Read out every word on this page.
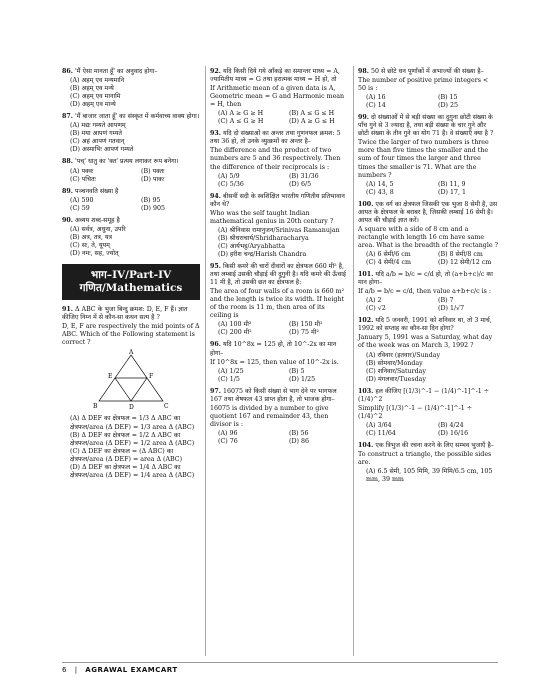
86. 'मैं ऐसा मानता हूँ' का अनुवाद होगा–

(A) अहम् एव मन्यमानि
(B) अहम् एव मन्ये
(C) अहम् एव मानामि
(D) अहम् एव मान्ये

87. 'मैं बाजार जाता हूँ' का संस्कृत में कर्मवाच्य वाक्य होगा।

(A) मद्यः गम्यते आपणम्
(B) मया आपणं गम्यते
(C) अहं आपणं गतवान्
(D) अस्माभिः आपणं गम्यते

88. 'पच्' धातु का 'क्त' प्रत्यय लगाकर रूप बनेगा।

(A) पक्वः	(B) पक्तः
(C) पचितः	(D) पाकः

89. पञ्चनवति संख्या है

(A) 590	(B) 95
(C) 59	(D) 905

90. अव्यय शब्द-समूह है

(A) सर्वत्र, अधुना, उपरि
(B) अत्र, तत्र, यत्र
(C) सः, ते, यूयम्
(D) नमः, सह, ज्योत्
भाग–IV/Part-IV
गणित/Mathematics

91. Δ ABC के भुजा बिन्दु क्रमश: D, E, F हैं। ज्ञात कीजिए निम्न में से कौन-सा कथन सत्य है ?

D, E, F are respectively the mid points of Δ ABC. Which of the Following statement is correct ?

A
B	C
D
E	F
(A) Δ DEF का क्षेत्रफल = 1/3 Δ ABC का क्षेत्रफल/area (Δ DEF) = 1/3 area Δ (ABC)
(B) Δ DEF का क्षेत्रफल = 1/2 Δ ABC का क्षेत्रफल/area (Δ DEF) = 1/2 area Δ (ABC)
(C) Δ DEF का क्षेत्रफल = (Δ ABC) का क्षेत्रफल/area (Δ DEF) = area Δ (ABC)
(D) Δ DEF का क्षेत्रफल = 1/4 Δ ABC का क्षेत्रफल/area (Δ DEF) = 1/4 area Δ (ABC)

92. यदि किसी दिये गये आँकड़े का समान्तर माध्य = A, ज्यामितीय माध्य = G तथा हरात्मक माध्य = H हो, तो

If Arithmetic mean of a given data is A, Geometric mean = G and Harmonic mean = H, then

(A) A ≥ G ≥ H	(B) A ≤ G ≤ H
(C) A ≤ G ≥ H	(D) A ≥ G ≤ H

93. यदि दो संख्याओं का अन्तर तथा गुणनफल क्रमश: 5 तथा 36 हो, तो उनके व्युत्क्रमों का अन्तर है–

The difference and the product of two numbers are 5 and 36 respectively. Then the difference of their reciprocals is :

(A) 5/9	(B) 31/36
(C) 5/36	(D) 6/5

94. बीसवीं सदी के स्वशिक्षित भारतीय गणितीय प्रतिभावान कौन थे?

Who was the self taught Indian mathematical genius in 20th century ?

(A) श्रीनिवास रामानुजन/Srinivas Ramanujan
(B) श्रीधराचार्य/Shridharacharya
(C) आर्यभट्ट/Aryabhatta
(D) हरीश चन्द्र/Harish Chandra

95. किसी कमरे की चारों दीवारों का क्षेत्रफल 660 मी² है, तथा लम्बाई उसकी चौड़ाई की दुगुनी है। यदि कमरे की ऊँचाई 11 मी है, तो उसकी छत का क्षेत्रफल है:

The area of four walls of a room is 660 m² and the length is twice its width. If height of the room is 11 m, then area of its ceiling is

(A) 100 मी²	(B) 150 मी²
(C) 200 मी²	(D) 75 मी²

96. यदि 10^8x = 125 हो, तो 10^-2x का मान होगा–

If 10^8x = 125, then value of 10^-2x is.

(A) 1/25	(B) 5
(C) 1/5	(D) 1/25

97. 16075 को किसी संख्या से भाग देने पर भागफल 167 तथा शेषफल 43 प्राप्त होता है, तो भाजक होगा–

16075 is divided by a number to give quotient 167 and remainder 43, then divisor is :

(A) 96	(B) 56
(C) 76	(D) 86

98. 50 से छोटे धन पूर्णांकों में अभाज्यों की संख्या है–

The number of positive prime integers < 50 is :

(A) 16	(B) 15
(C) 14	(D) 25

99. दो संख्याओं में से बड़ी संख्या का दुगुना छोटी संख्या के पाँच गुने से 3 ज्यादा है, तथा बड़ी संख्या के चार गुने और छोटी संख्या के तीन गुने का योग 71 है। वे संख्याएँ क्या है ?

Twice the larger of two numbers is three more than five times the smaller and the sum of four times the larger and three times the smaller is 71. What are the numbers ?

(A) 14, 5	(B) 11, 9
(C) 43, 8	(D) 17, 1

100. एक वर्ग का क्षेत्रफल जिसकी एक भुजा 8 सेमी है, उस आयत के क्षेत्रफल के बराबर है, जिसकी लम्बाई 16 सेमी है। आयत की चौड़ाई ज्ञात करें।

A square with a side of 8 cm and a rectangle with length 16 cm have same area. What is the breadth of the rectangle ?

(A) 6 सेमी/6 cm	(B) 8 सेमी/8 cm
(C) 4 सेमी/4 cm	(D) 12 सेमी/12 cm

101. यदि a/b = b/c = c/d हो, तो (a+b+c)/c का मान होगा–

If a/b = b/c = c/d, then value a+b+c/c is :

(A) 2	(B) 7
(C) √2	(D) 1/√7

102. यदि 5 जनवरी, 1991 को शनिवार था, तो 3 मार्च, 1992 को सप्ताह का कौन-सा दिन होगा?

January 5, 1991 was a Saturday, what day of the week was on March 3, 1992 ?

(A) रविवार (इतवार)/Sunday
(B) सोमवार/Monday
(C) शनिवार/Saturday
(D) मंगलवार/Tuesday

103. हल कीजिए [(1/3)^-1 − (1/4)^-1]^-1 ÷ (1/4)^2

Simplify [(1/3)^-1 − (1/4)^-1]^-1 ÷ (1/4)^2

(A) 3/64	(B) 4/24
(C) 11/64	(D) 16/16

104. एक त्रिभुज की रचना करने के लिए सम्भव भुजाएँ है–

To construct a triangle, the possible sides are.

(A) 6.5 सेमी, 105 मिमि, 39 मिमि/6.5 cm, 105 mm, 39 mm
6 | AGRAWAL EXAMCART
